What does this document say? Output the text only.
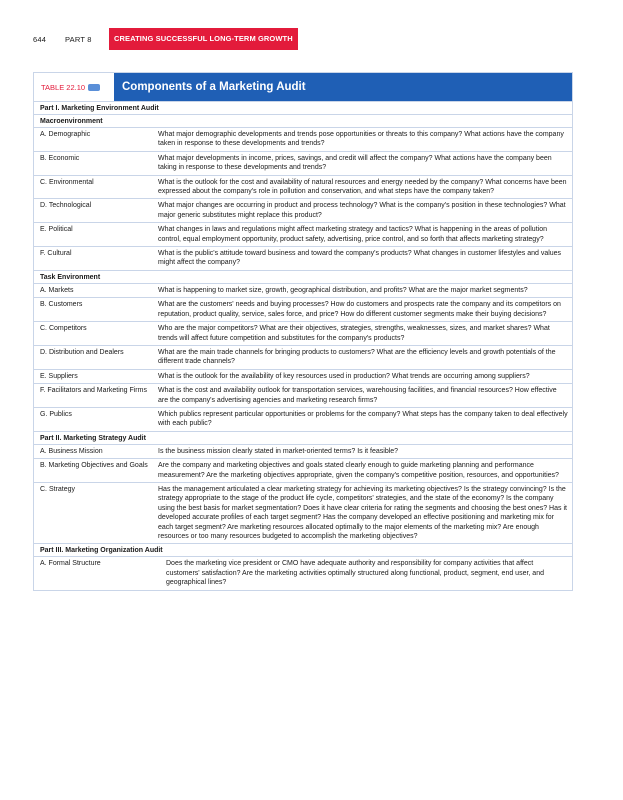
644	PART 8	CREATING SUCCESSFUL LONG-TERM GROWTH
TABLE 22.10	Components of a Marketing Audit
Part I. Marketing Environment Audit
Macroenvironment
A. Demographic	What major demographic developments and trends pose opportunities or threats to this company? What actions have the company taken in response to these developments and trends?
B. Economic	What major developments in income, prices, savings, and credit will affect the company? What actions have the company been taking in response to these developments and trends?
C. Environmental	What is the outlook for the cost and availability of natural resources and energy needed by the company? What concerns have been expressed about the company's role in pollution and conservation, and what steps have the company taken?
D. Technological	What major changes are occurring in product and process technology? What is the company's position in these technologies? What major generic substitutes might replace this product?
E. Political	What changes in laws and regulations might affect marketing strategy and tactics? What is happening in the areas of pollution control, equal employment opportunity, product safety, advertising, price control, and so forth that affects marketing strategy?
F. Cultural	What is the public's attitude toward business and toward the company's products? What changes in customer lifestyles and values might affect the company?
Task Environment
A. Markets	What is happening to market size, growth, geographical distribution, and profits? What are the major market segments?
B. Customers	What are the customers' needs and buying processes? How do customers and prospects rate the company and its competitors on reputation, product quality, service, sales force, and price? How do different customer segments make their buying decisions?
C. Competitors	Who are the major competitors? What are their objectives, strategies, strengths, weaknesses, sizes, and market shares? What trends will affect future competition and substitutes for the company's products?
D. Distribution and Dealers	What are the main trade channels for bringing products to customers? What are the efficiency levels and growth potentials of the different trade channels?
E. Suppliers	What is the outlook for the availability of key resources used in production? What trends are occurring among suppliers?
F. Facilitators and Marketing Firms	What is the cost and availability outlook for transportation services, warehousing facilities, and financial resources? How effective are the company's advertising agencies and marketing research firms?
G. Publics	Which publics represent particular opportunities or problems for the company? What steps has the company taken to deal effectively with each public?
Part II. Marketing Strategy Audit
A. Business Mission	Is the business mission clearly stated in market-oriented terms? Is it feasible?
B. Marketing Objectives and Goals	Are the company and marketing objectives and goals stated clearly enough to guide marketing planning and performance measurement? Are the marketing objectives appropriate, given the company's competitive position, resources, and opportunities?
C. Strategy	Has the management articulated a clear marketing strategy for achieving its marketing objectives? Is the strategy convincing? Is the strategy appropriate to the stage of the product life cycle, competitors' strategies, and the state of the economy? Is the company using the best basis for market segmentation? Does it have clear criteria for rating the segments and choosing the best ones? Has it developed accurate profiles of each target segment? Has the company developed an effective positioning and marketing mix for each target segment? Are marketing resources allocated optimally to the major elements of the marketing mix? Are enough resources or too many resources budgeted to accomplish the marketing objectives?
Part III. Marketing Organization Audit
A. Formal Structure	Does the marketing vice president or CMO have adequate authority and responsibility for company activities that affect customers' satisfaction? Are the marketing activities optimally structured along functional, product, segment, end user, and geographical lines?
